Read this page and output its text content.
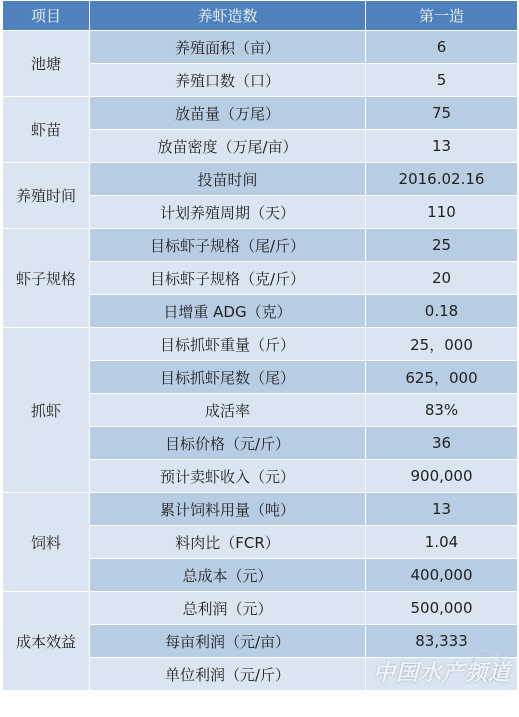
项目	养虾造数	第一造
池塘	养殖面积（亩）	6
	养殖口数（口）	5
虾苗	放苗量（万尾）	75
	放苗密度（万尾/亩）	13
养殖时间	投苗时间	2016.02.16
	计划养殖周期（天）	110
虾子规格	目标虾子规格（尾/斤）	25
	目标虾子规格（克/斤）	20
	日增重 ADG（克）	0.18
抓虾	目标抓虾重量（斤）	25，000
	目标抓虾尾数（尾）	625，000
	成活率	83%
	目标价格（元/斤）	36
	预计卖虾收入（元）	900,000
饲料	累计饲料用量（吨）	13
	料肉比（FCR）	1.04
	总成本（元）	400,000
成本效益	总利润（元）	500,000
	每亩利润（元/亩）	83,333
	单位利润（元/斤）		中国水产频道
